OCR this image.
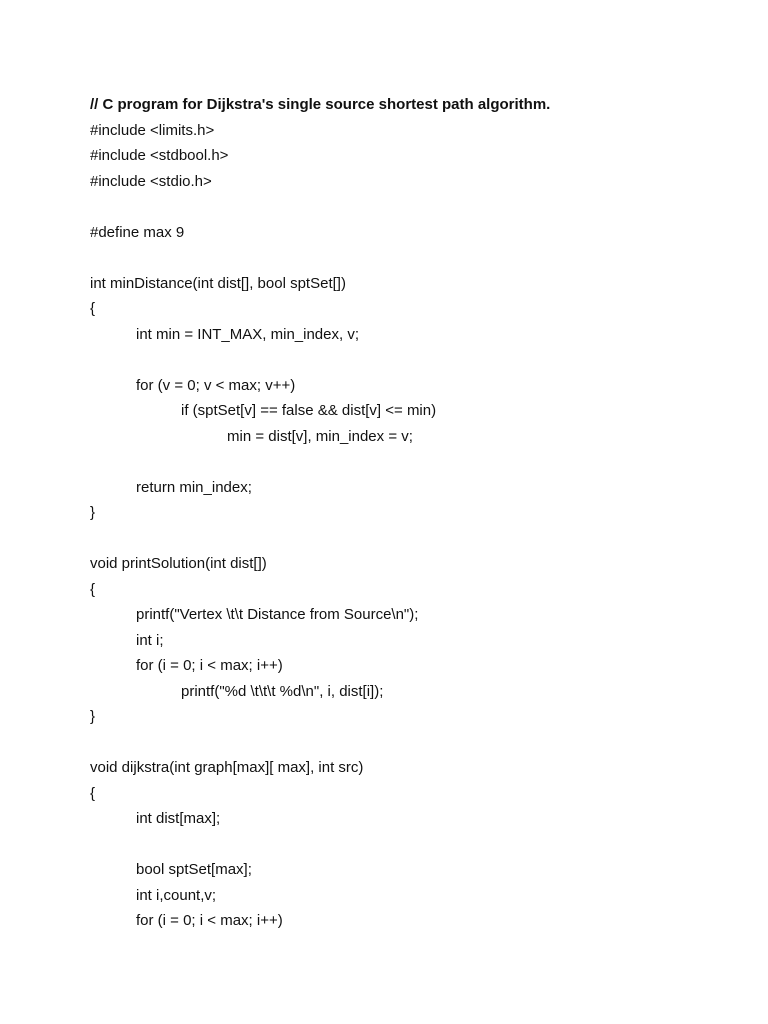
// C program for Dijkstra's single source shortest path algorithm.
#include <limits.h>
#include <stdbool.h>
#include <stdio.h>
#define max 9
int minDistance(int dist[], bool sptSet[])
{
int min = INT_MAX, min_index, v;
for (v = 0; v < max; v++)
if (sptSet[v] == false && dist[v] <= min)
min = dist[v], min_index = v;
return min_index;
}
void printSolution(int dist[])
{
printf("Vertex \t\t Distance from Source\n");
int i;
for (i = 0; i < max; i++)
printf("%d \t\t\t %d\n", i, dist[i]);
}
void dijkstra(int graph[max][ max], int src)
{
int dist[max];
bool sptSet[max];
int i,count,v;
for (i = 0; i < max; i++)
